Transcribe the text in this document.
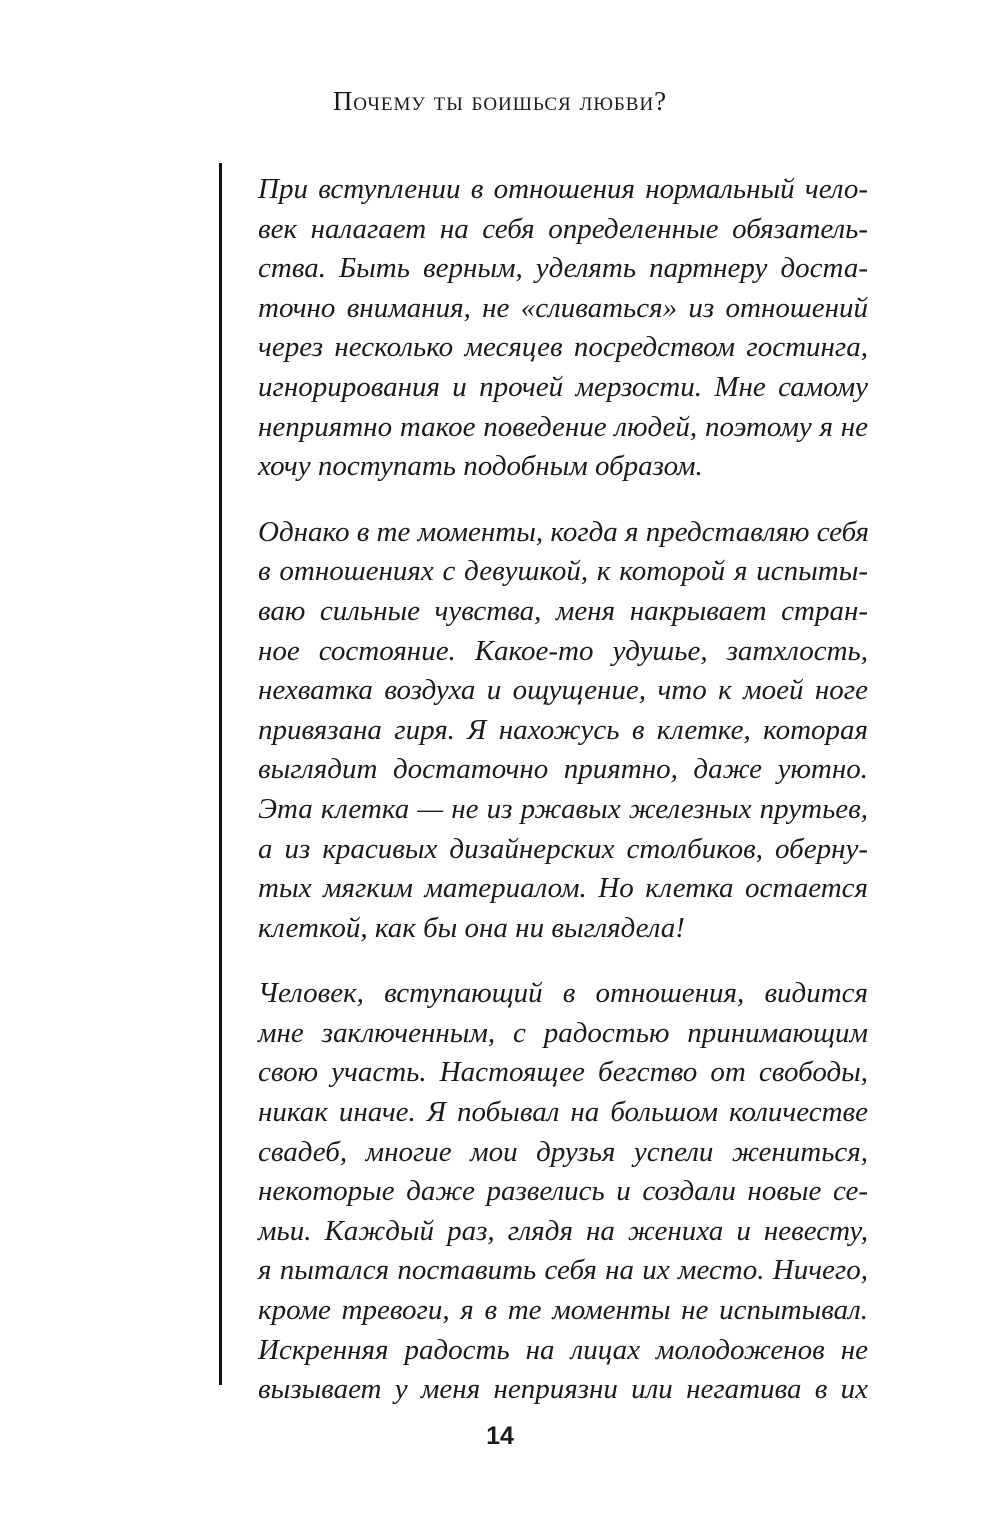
Почему ты боишься любви?

При вступлении в отношения нормальный чело-
век налагает на себя определенные обязатель-
ства. Быть верным, уделять партнеру доста-
точно внимания, не «сливаться» из отношений
через несколько месяцев посредством гостинга,
игнорирования и прочей мерзости. Мне самому
неприятно такое поведение людей, поэтому я не
хочу поступать подобным образом.

Однако в те моменты, когда я представляю себя
в отношениях с девушкой, к которой я испыты-
ваю сильные чувства, меня накрывает стран-
ное состояние. Какое-то удушье, затхлость,
нехватка воздуха и ощущение, что к моей ноге
привязана гиря. Я нахожусь в клетке, которая
выглядит достаточно приятно, даже уютно.
Эта клетка — не из ржавых железных прутьев,
а из красивых дизайнерских столбиков, оберну-
тых мягким материалом. Но клетка остается
клеткой, как бы она ни выглядела!

Человек, вступающий в отношения, видится
мне заключенным, с радостью принимающим
свою участь. Настоящее бегство от свободы,
никак иначе. Я побывал на большом количестве
свадеб, многие мои друзья успели жениться,
некоторые даже развелись и создали новые се-
мьи. Каждый раз, глядя на жениха и невесту,
я пытался поставить себя на их место. Ничего,
кроме тревоги, я в те моменты не испытывал.
Искренняя радость на лицах молодоженов не
вызывает у меня неприязни или негатива в их

14
